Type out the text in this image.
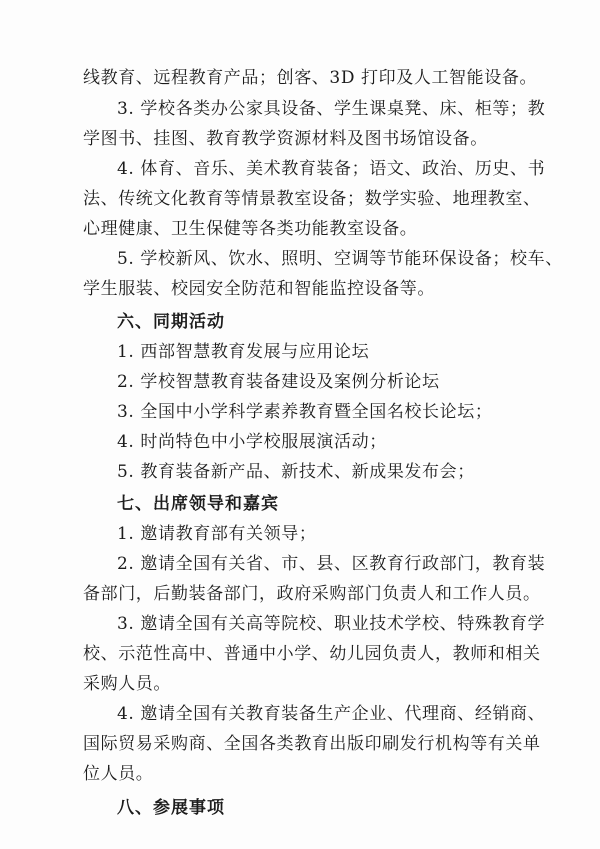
线教育、远程教育产品；创客、3D 打印及人工智能设备。
3. 学校各类办公家具设备、学生课桌凳、床、柜等；教
学图书、挂图、教育教学资源材料及图书场馆设备。
4. 体育、音乐、美术教育装备；语文、政治、历史、书
法、传统文化教育等情景教室设备；数学实验、地理教室、
心理健康、卫生保健等各类功能教室设备。
5. 学校新风、饮水、照明、空调等节能环保设备；校车、
学生服装、校园安全防范和智能监控设备等。
六、同期活动
1. 西部智慧教育发展与应用论坛
2. 学校智慧教育装备建设及案例分析论坛
3. 全国中小学科学素养教育暨全国名校长论坛；
4. 时尚特色中小学校服展演活动；
5. 教育装备新产品、新技术、新成果发布会；
七、出席领导和嘉宾
1. 邀请教育部有关领导；
2. 邀请全国有关省、市、县、区教育行政部门，教育装
备部门，后勤装备部门，政府采购部门负责人和工作人员。
3. 邀请全国有关高等院校、职业技术学校、特殊教育学
校、示范性高中、普通中小学、幼儿园负责人，教师和相关
采购人员。
4. 邀请全国有关教育装备生产企业、代理商、经销商、
国际贸易采购商、全国各类教育出版印刷发行机构等有关单
位人员。
八、参展事项
